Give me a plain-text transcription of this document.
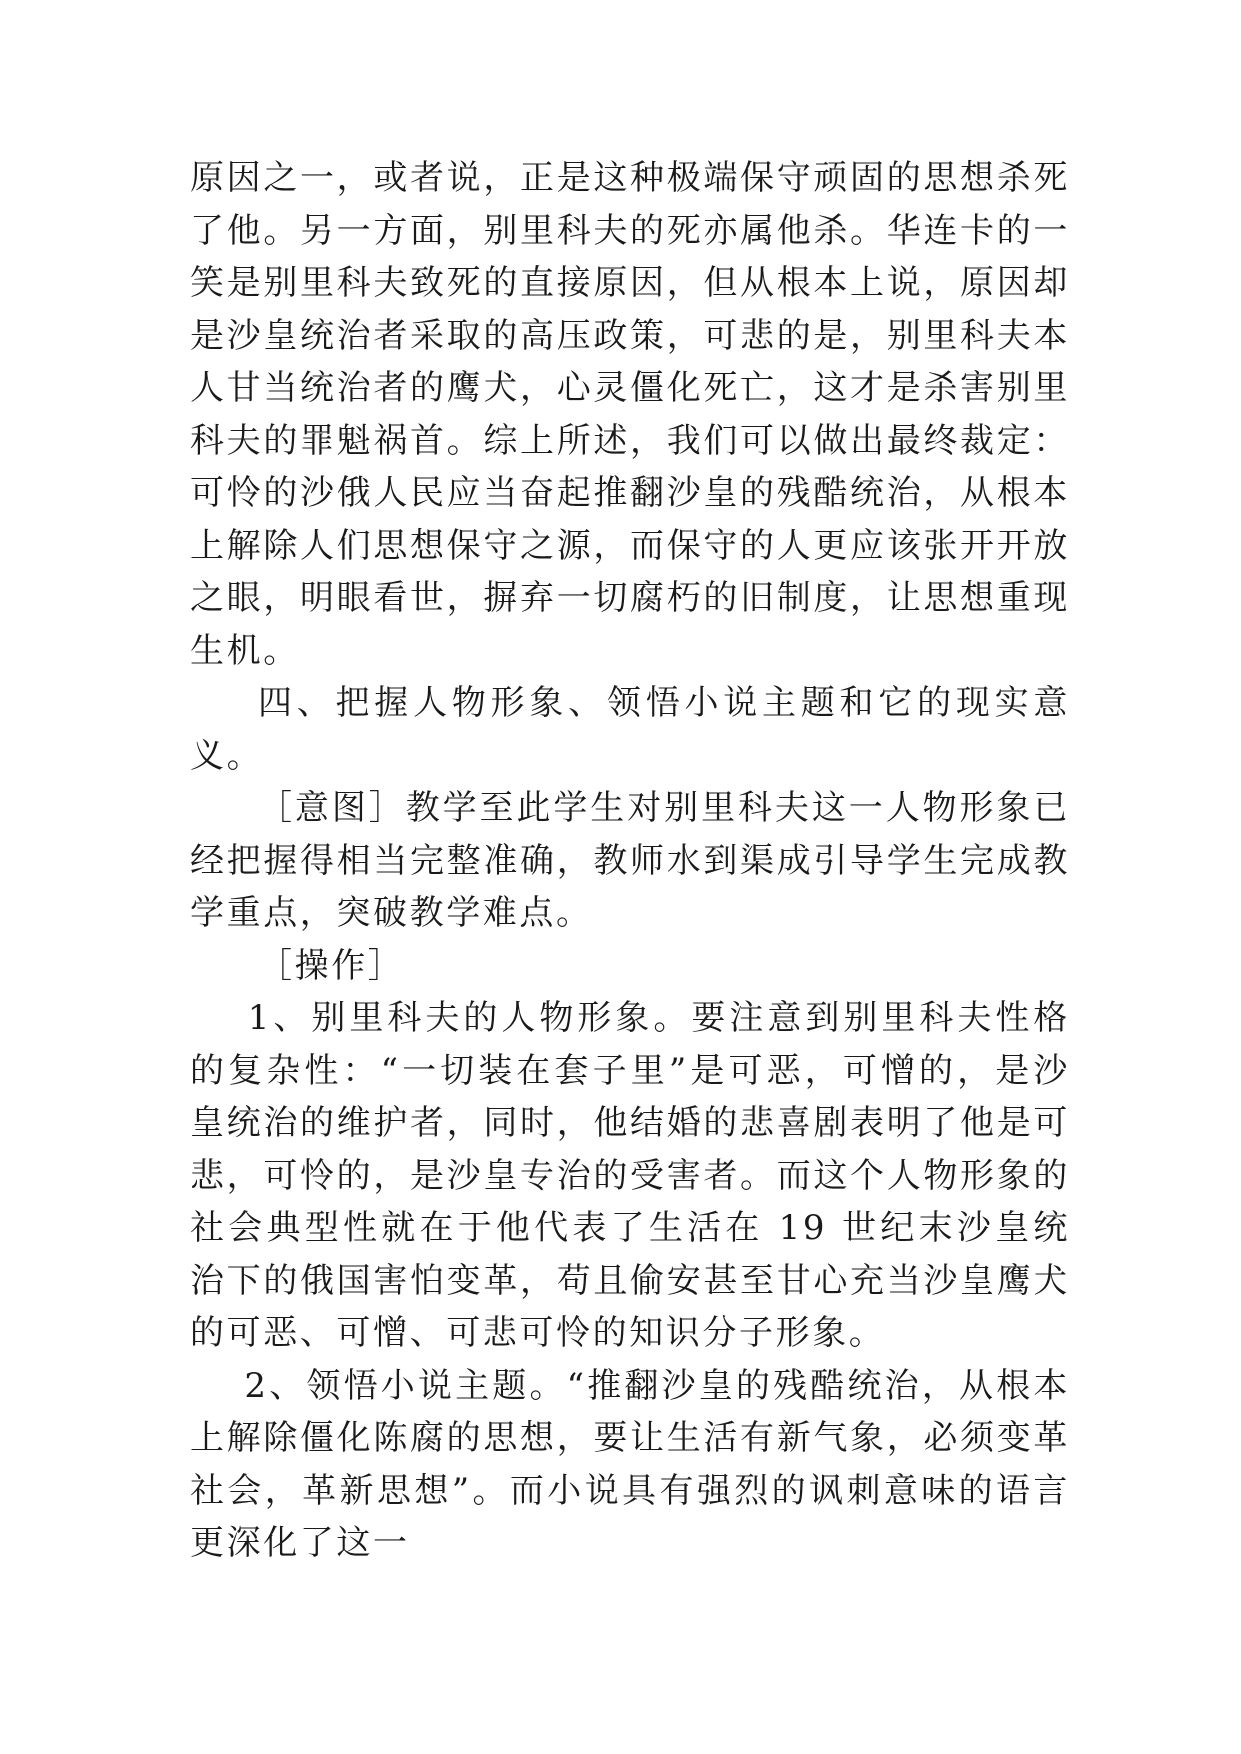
原因之一，或者说，正是这种极端保守顽固的思想杀死了他。另一方面，别里科夫的死亦属他杀。华连卡的一笑是别里科夫致死的直接原因，但从根本上说，原因却是沙皇统治者采取的高压政策，可悲的是，别里科夫本人甘当统治者的鹰犬，心灵僵化死亡，这才是杀害别里科夫的罪魁祸首。综上所述，我们可以做出最终裁定：可怜的沙俄人民应当奋起推翻沙皇的残酷统治，从根本上解除人们思想保守之源，而保守的人更应该张开开放之眼，明眼看世，摒弃一切腐朽的旧制度，让思想重现生机。

四、把握人物形象、领悟小说主题和它的现实意义。

［意图］教学至此学生对别里科夫这一人物形象已经把握得相当完整准确，教师水到渠成引导学生完成教学重点，突破教学难点。

［操作］

1、别里科夫的人物形象。要注意到别里科夫性格的复杂性：“一切装在套子里”是可恶，可憎的，是沙皇统治的维护者，同时，他结婚的悲喜剧表明了他是可悲，可怜的，是沙皇专治的受害者。而这个人物形象的社会典型性就在于他代表了生活在 19 世纪末沙皇统治下的俄国害怕变革，苟且偷安甚至甘心充当沙皇鹰犬的可恶、可憎、可悲可怜的知识分子形象。

2、领悟小说主题。“推翻沙皇的残酷统治，从根本上解除僵化陈腐的思想，要让生活有新气象，必须变革社会，革新思想”。而小说具有强烈的讽刺意味的语言更深化了这一
